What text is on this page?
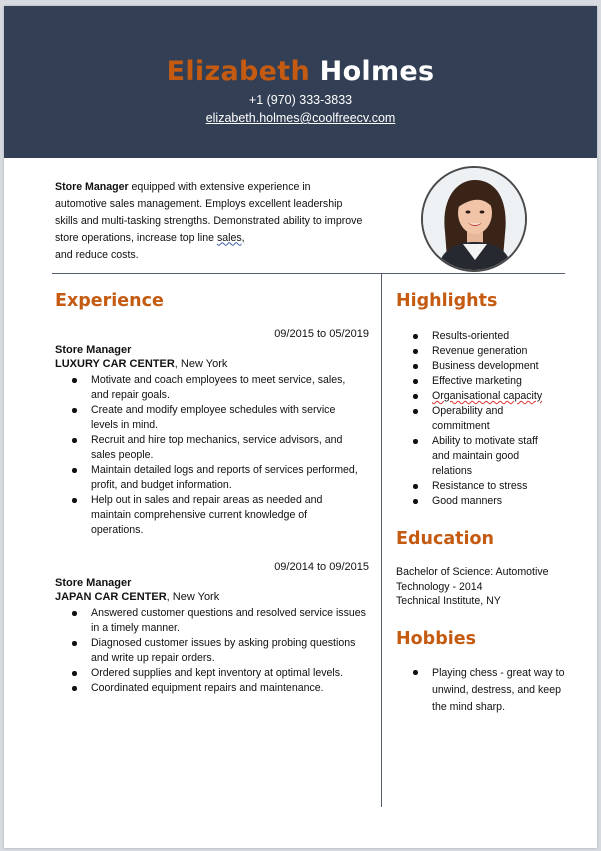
Elizabeth Holmes
+1 (970) 333-3833
elizabeth.holmes@coolfreecv.com
Store Manager equipped with extensive experience in automotive sales management. Employs excellent leadership skills and multi-tasking strengths. Demonstrated ability to improve store operations, increase top line sales,
and reduce costs.
Experience
09/2015 to 05/2019
Store Manager
LUXURY CAR CENTER, New York
Motivate and coach employees to meet service, sales, and repair goals.
Create and modify employee schedules with service levels in mind.
Recruit and hire top mechanics, service advisors, and sales people.
Maintain detailed logs and reports of services performed, profit, and budget information.
Help out in sales and repair areas as needed and maintain comprehensive current knowledge of operations.
09/2014 to 09/2015
Store Manager
JAPAN CAR CENTER, New York
Answered customer questions and resolved service issues in a timely manner.
Diagnosed customer issues by asking probing questions and write up repair orders.
Ordered supplies and kept inventory at optimal levels.
Coordinated equipment repairs and maintenance.
Highlights
Results-oriented
Revenue generation
Business development
Effective marketing
Organisational capacity
Operability and commitment
Ability to motivate staff and maintain good relations
Resistance to stress
Good manners
Education
Bachelor of Science: Automotive Technology - 2014
Technical Institute, NY
Hobbies
Playing chess - great way to unwind, destress, and keep the mind sharp.
